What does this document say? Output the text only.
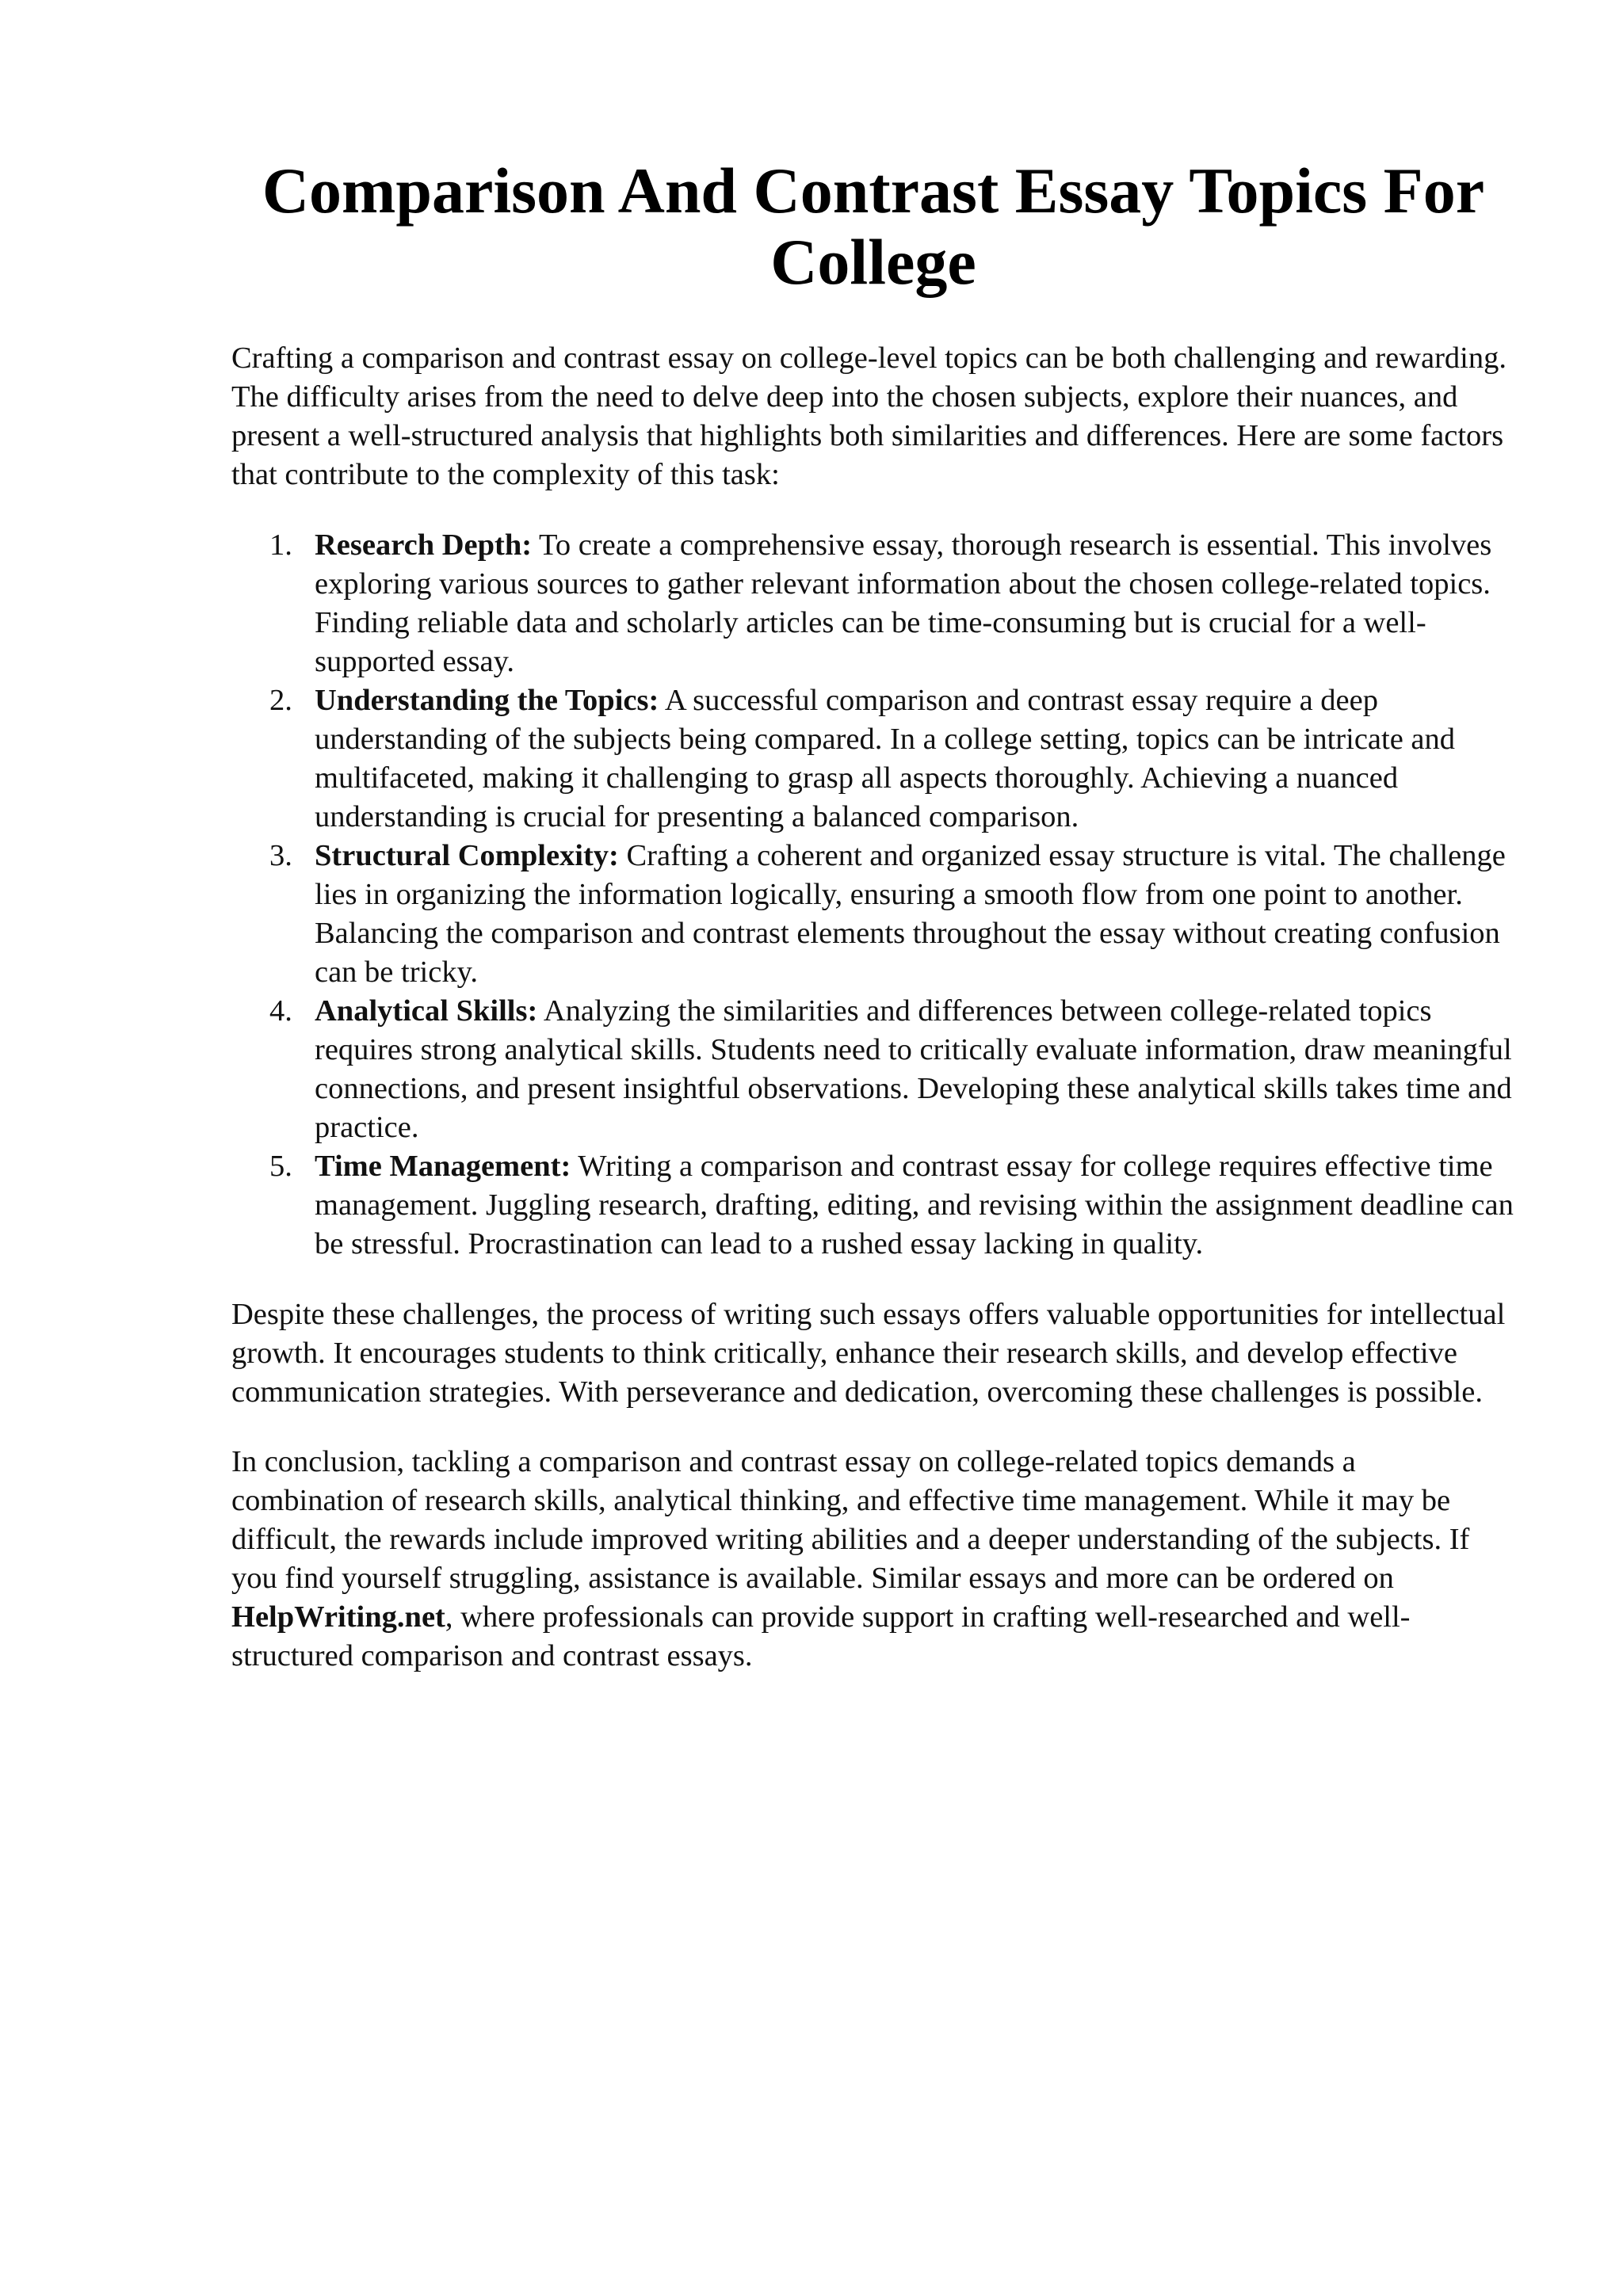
Comparison And Contrast Essay Topics For College

Crafting a comparison and contrast essay on college-level topics can be both challenging and rewarding. The difficulty arises from the need to delve deep into the chosen subjects, explore their nuances, and present a well-structured analysis that highlights both similarities and differences. Here are some factors that contribute to the complexity of this task:

1. Research Depth: To create a comprehensive essay, thorough research is essential. This involves exploring various sources to gather relevant information about the chosen college-related topics. Finding reliable data and scholarly articles can be time-consuming but is crucial for a well-supported essay.
2. Understanding the Topics: A successful comparison and contrast essay require a deep understanding of the subjects being compared. In a college setting, topics can be intricate and multifaceted, making it challenging to grasp all aspects thoroughly. Achieving a nuanced understanding is crucial for presenting a balanced comparison.
3. Structural Complexity: Crafting a coherent and organized essay structure is vital. The challenge lies in organizing the information logically, ensuring a smooth flow from one point to another. Balancing the comparison and contrast elements throughout the essay without creating confusion can be tricky.
4. Analytical Skills: Analyzing the similarities and differences between college-related topics requires strong analytical skills. Students need to critically evaluate information, draw meaningful connections, and present insightful observations. Developing these analytical skills takes time and practice.
5. Time Management: Writing a comparison and contrast essay for college requires effective time management. Juggling research, drafting, editing, and revising within the assignment deadline can be stressful. Procrastination can lead to a rushed essay lacking in quality.

Despite these challenges, the process of writing such essays offers valuable opportunities for intellectual growth. It encourages students to think critically, enhance their research skills, and develop effective communication strategies. With perseverance and dedication, overcoming these challenges is possible.

In conclusion, tackling a comparison and contrast essay on college-related topics demands a combination of research skills, analytical thinking, and effective time management. While it may be difficult, the rewards include improved writing abilities and a deeper understanding of the subjects. If you find yourself struggling, assistance is available. Similar essays and more can be ordered on HelpWriting.net, where professionals can provide support in crafting well-researched and well-structured comparison and contrast essays.
